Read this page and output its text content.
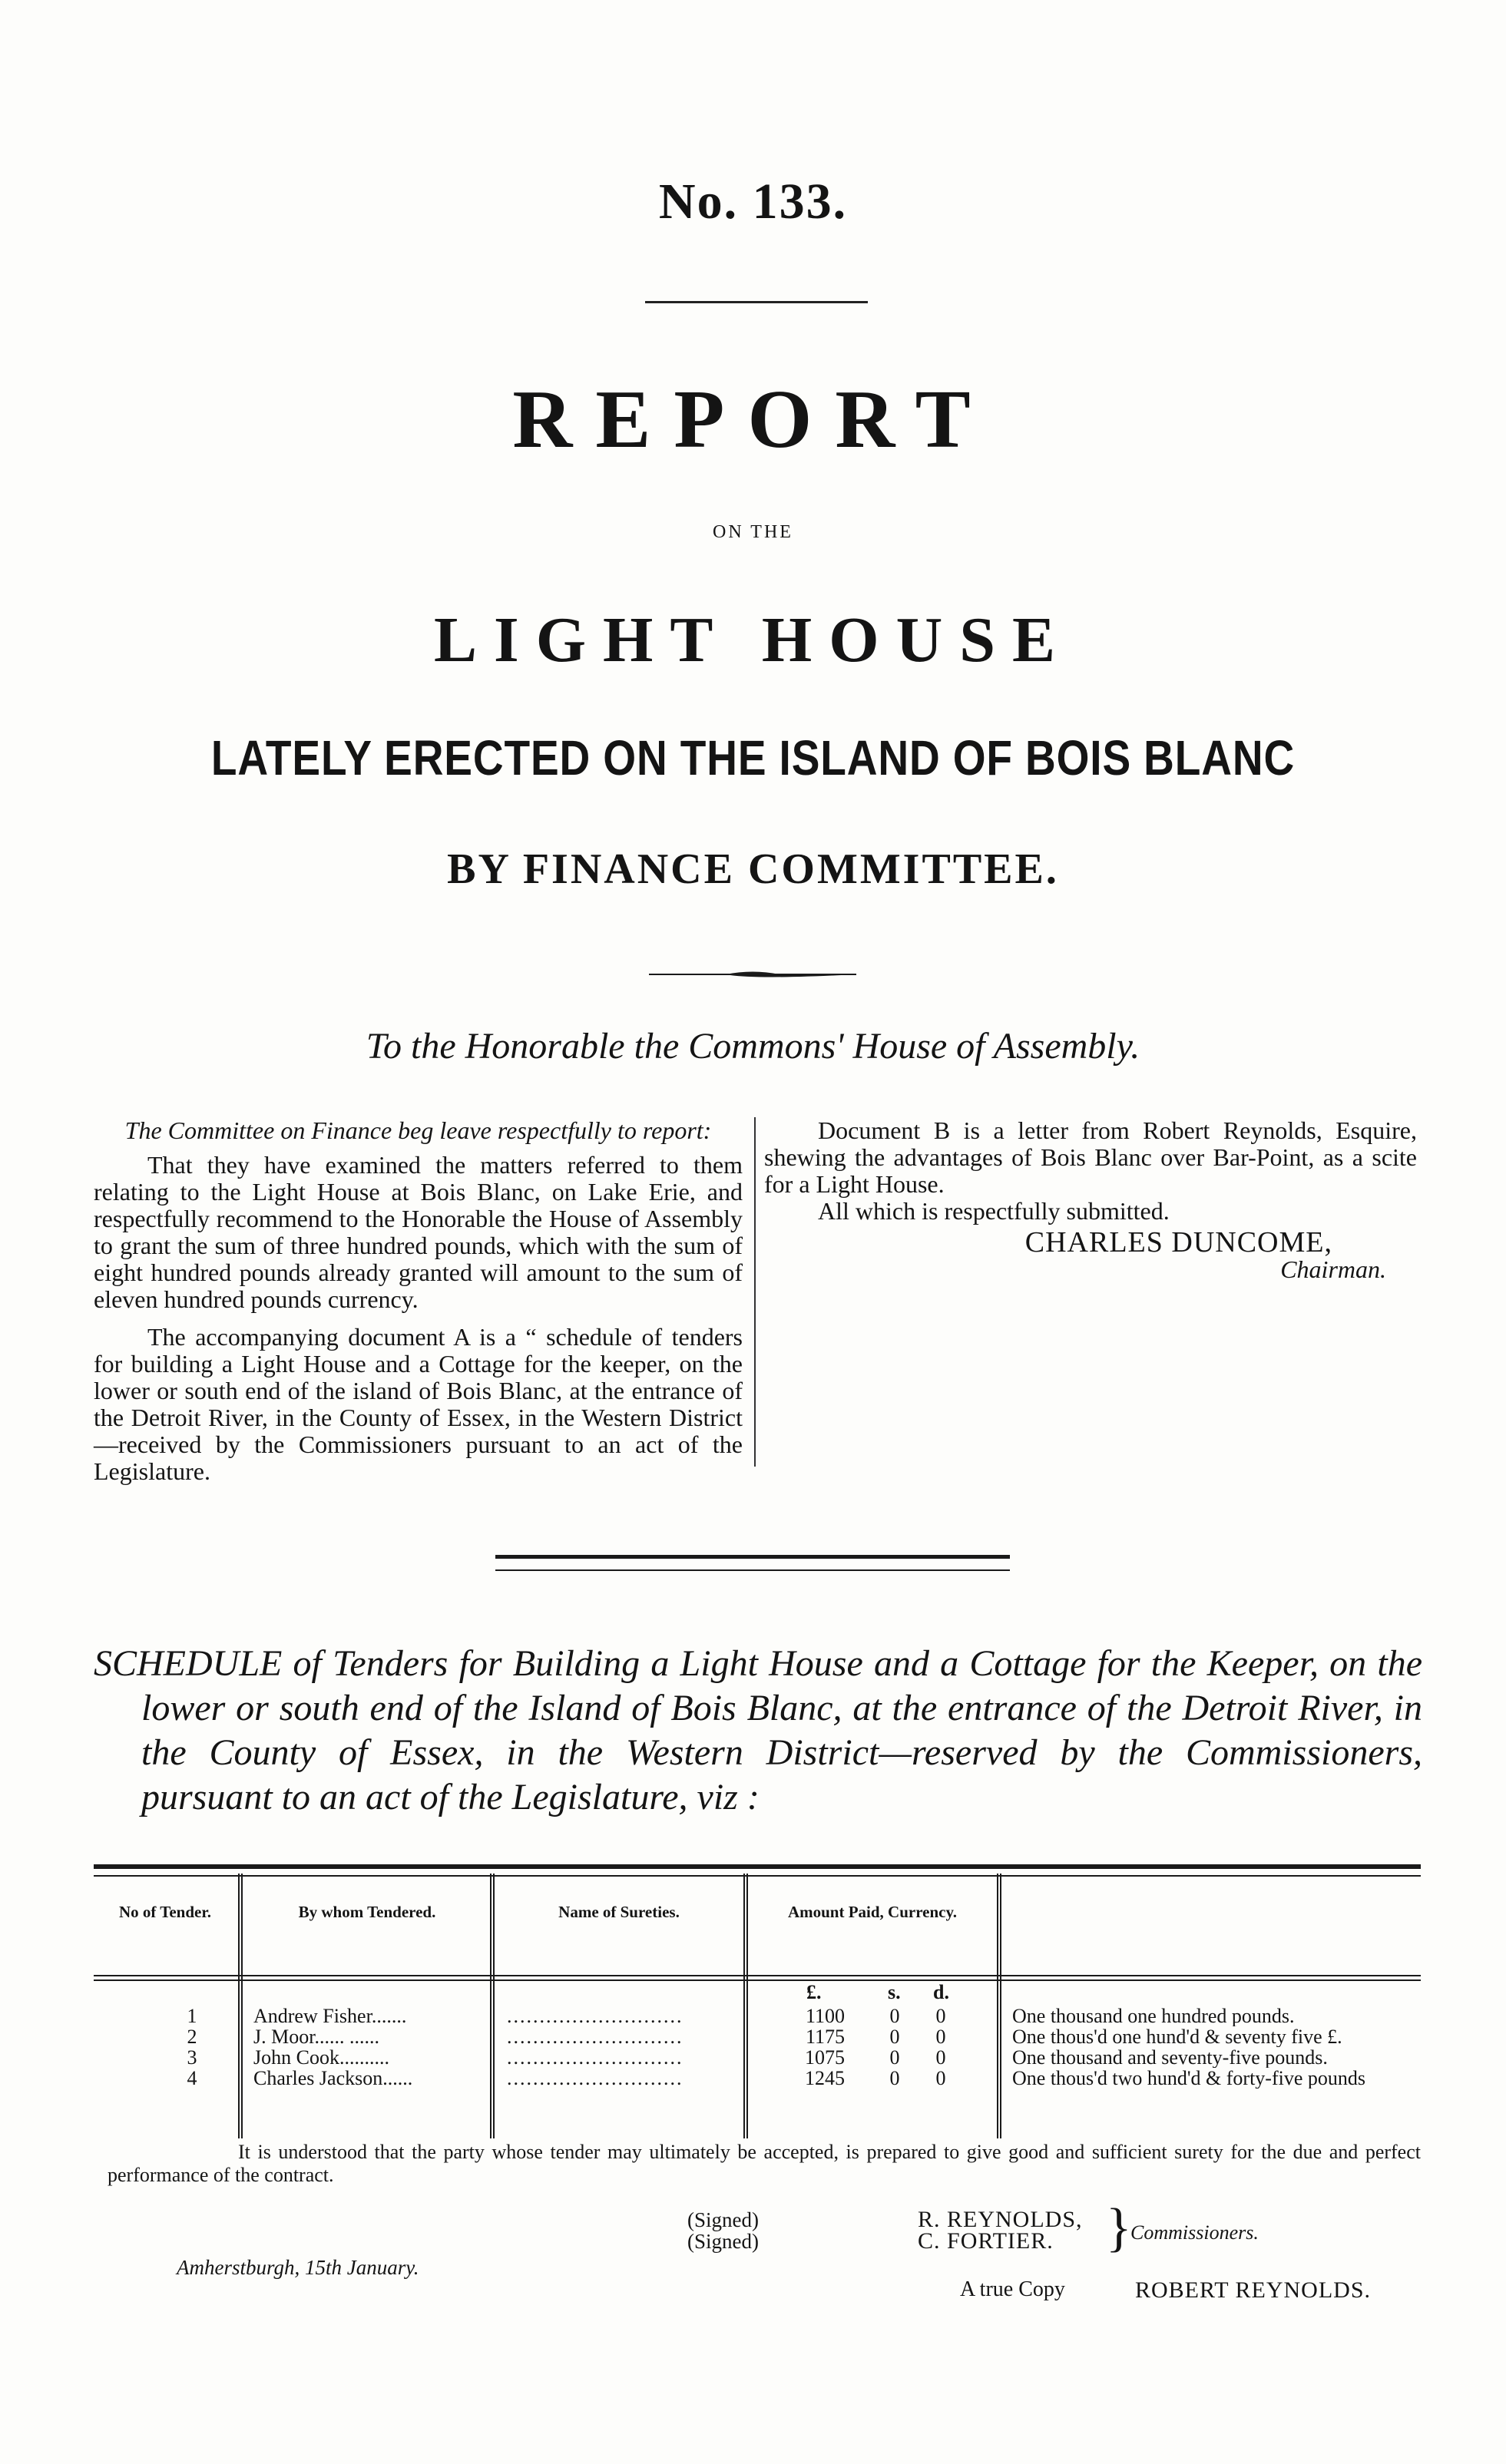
No. 133.
REPORT
ON THE
LIGHT HOUSE
LATELY ERECTED ON THE ISLAND OF BOIS BLANC
BY FINANCE COMMITTEE.
To the Honorable the Commons' House of Assembly.

The Committee on Finance beg leave respectfully to report:

That they have examined the matters referred to them relating to the Light House at Bois Blanc, on Lake Erie, and respectfully recommend to the Honorable the House of Assembly to grant the sum of three hundred pounds, which with the sum of eight hundred pounds already granted will amount to the sum of eleven hundred pounds currency.

The accompanying document A is a “ schedule of tenders for building a Light House and a Cottage for the keeper, on the lower or south end of the island of Bois Blanc, at the entrance of the Detroit River, in the County of Essex, in the Western District—received by the Commissioners pursuant to an act of the Legislature.

Document B is a letter from Robert Reynolds, Esquire, shewing the advantages of Bois Blanc over Bar-Point, as a scite for a Light House.

All which is respectfully submitted.

CHARLES DUNCOME,

Chairman.

SCHEDULE of Tenders for Building a Light House and a Cottage for the Keeper, on the lower or south end of the Island of Bois Blanc, at the entrance of the Detroit River, in the County of Essex, in the Western District—reserved by the Commissioners, pursuant to an act of the Legislature, viz :
No of Tender.	By whom Tendered.	Name of Sureties.	Amount Paid, Currency.
£.	s. d.
1	Andrew Fisher.......	...........................	1100	0	0	One thousand one hundred pounds.
2	J. Moor...... ......	...........................	1175	0	0	One thous'd one hund'd & seventy five £.
3	John Cook..........	...........................	1075	0	0	One thousand and seventy-five pounds.
4	Charles Jackson......	...........................	1245	0	0	One thous'd two hund'd & forty-five pounds
It is understood that the party whose tender may ultimately be accepted, is prepared to give good and sufficient surety for the due and perfect performance of the contract.
(Signed)
(Signed)
R. REYNOLDS,
C. FORTIER. }
Commissioners.
Amherstburgh, 15th January.
A true Copy	ROBERT REYNOLDS.
